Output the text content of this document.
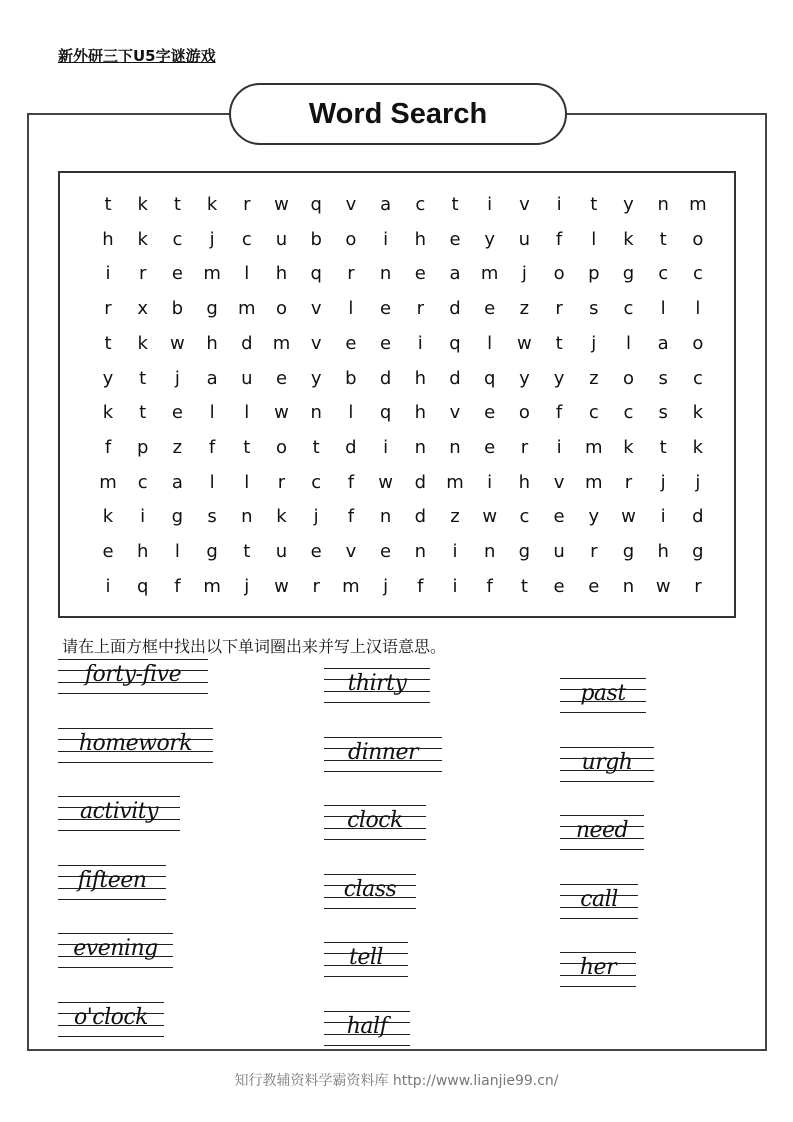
新外研三下U5字谜游戏
Word Search
t	k	t	k	r	w	q	v	a	c	t	i	v	i	t	y	n	m
h	k	c	j	c	u	b	o	i	h	e	y	u	f	l	k	t	o
i	r	e	m	l	h	q	r	n	e	a	m	j	o	p	g	c	c
r	x	b	g	m	o	v	l	e	r	d	e	z	r	s	c	l	l
t	k	w	h	d	m	v	e	e	i	q	l	w	t	j	l	a	o
y	t	j	a	u	e	y	b	d	h	d	q	y	y	z	o	s	c
k	t	e	l	l	w	n	l	q	h	v	e	o	f	c	c	s	k
f	p	z	f	t	o	t	d	i	n	n	e	r	i	m	k	t	k
m	c	a	l	l	r	c	f	w	d	m	i	h	v	m	r	j	j
k	i	g	s	n	k	j	f	n	d	z	w	c	e	y	w	i	d
e	h	l	g	t	u	e	v	e	n	i	n	g	u	r	g	h	g
i	q	f	m	j	w	r	m	j	f	i	f	t	e	e	n	w	r
请在上面方框中找出以下单词圈出来并写上汉语意思。
forty-five
homework
activity
fifteen
evening
o'clock
thirty
dinner
clock
class
tell
half
past
urgh
need
call
her
知行教辅资料学霸资料库 http://www.lianjie99.cn/
